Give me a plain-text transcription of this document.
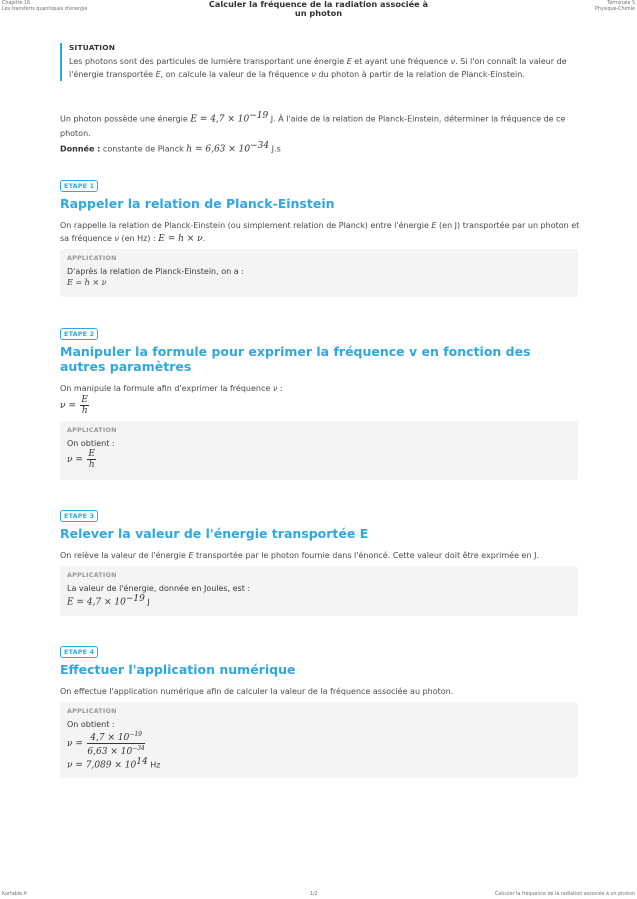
Chapitre 16
Les transferts quantiques d'énergie
Calculer la fréquence de la radiation associée à
un photon
Terminale S
Physique-Chimie
SITUATION
Les photons sont des particules de lumière transportant une énergie E et ayant une fréquence ν. Si l'on connaît la valeur de l'énergie transportée E, on calcule la valeur de la fréquence ν du photon à partir de la relation de Planck-Einstein.
Un photon possède une énergie $E = 4,7 \times 10^{-19}$ J. À l'aide de la relation de Planck-Einstein, déterminer la fréquence de ce photon.
Donnée : constante de Planck $h = 6,63 \times 10^{-34}$ J.s
ETAPE 1
Rappeler la relation de Planck-Einstein
On rappelle la relation de Planck-Einstein (ou simplement relation de Planck) entre l'énergie E (en J) transportée par un photon et sa fréquence ν (en Hz) : E = h × ν.
APPLICATION
D'après la relation de Planck-Einstein, on a :
E = h × ν
ETAPE 2
Manipuler la formule pour exprimer la fréquence v en fonction des autres paramètres
On manipule la formule afin d'exprimer la fréquence ν :
$\nu = \frac{E}{h}$
APPLICATION
On obtient :
$\nu = \frac{E}{h}$
ETAPE 3
Relever la valeur de l'énergie transportée E
On relève la valeur de l'énergie E transportée par le photon fournie dans l'énoncé. Cette valeur doit être exprimée en J.
APPLICATION
La valeur de l'énergie, donnée en Joules, est :
$E = 4,7 \times 10^{-19}$ J
ETAPE 4
Effectuer l'application numérique
On effectue l'application numérique afin de calculer la valeur de la fréquence associée au photon.
APPLICATION
On obtient :
$\nu = \frac{4,7 \times 10^{-19}}{6,63 \times 10^{-34}}$
$\nu = 7,089 \times 10^{14}$ Hz
Kartable.fr	1/2	Calculer la fréquence de la radiation associée à un photon
